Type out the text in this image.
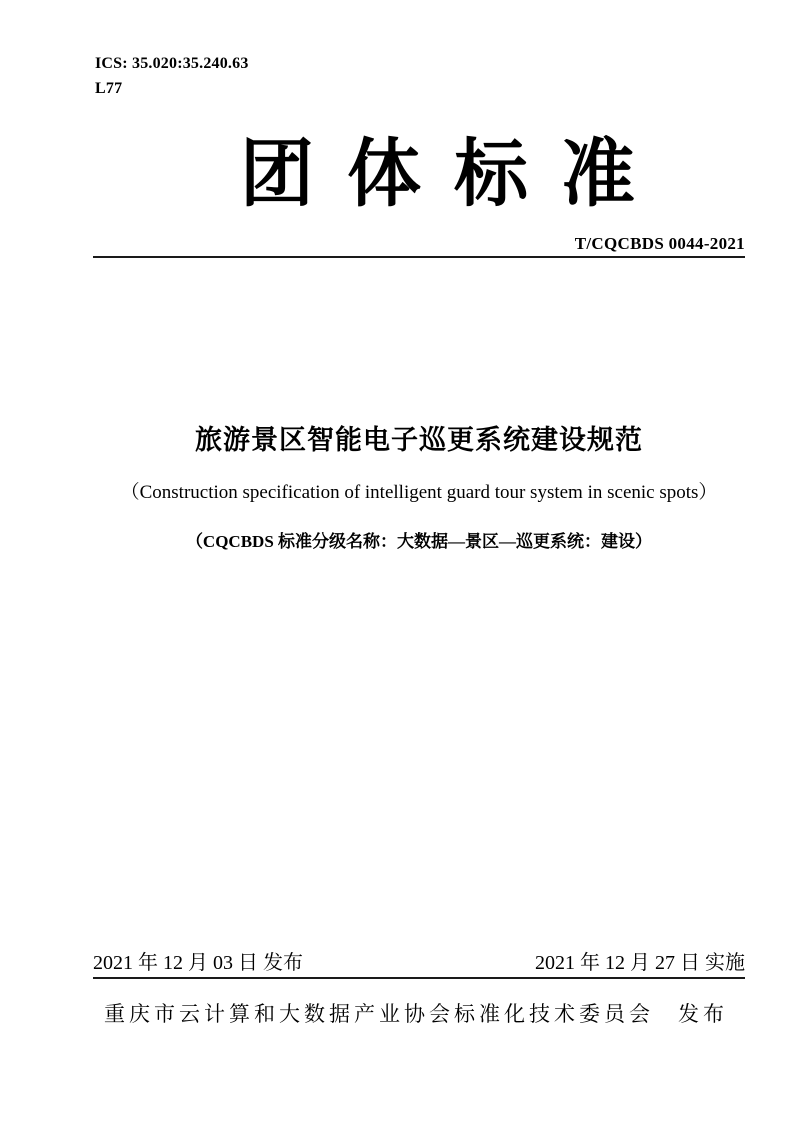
ICS: 35.020:35.240.63
L77
团体标准
T/CQCBDS 0044-2021
旅游景区智能电子巡更系统建设规范
（Construction specification of intelligent guard tour system in scenic spots）
（CQCBDS 标准分级名称：大数据—景区—巡更系统：建设）
2021 年 12 月 03 日 发布	2021 年 12 月 27 日 实施
重庆市云计算和大数据产业协会标准化技术委员会 发布
